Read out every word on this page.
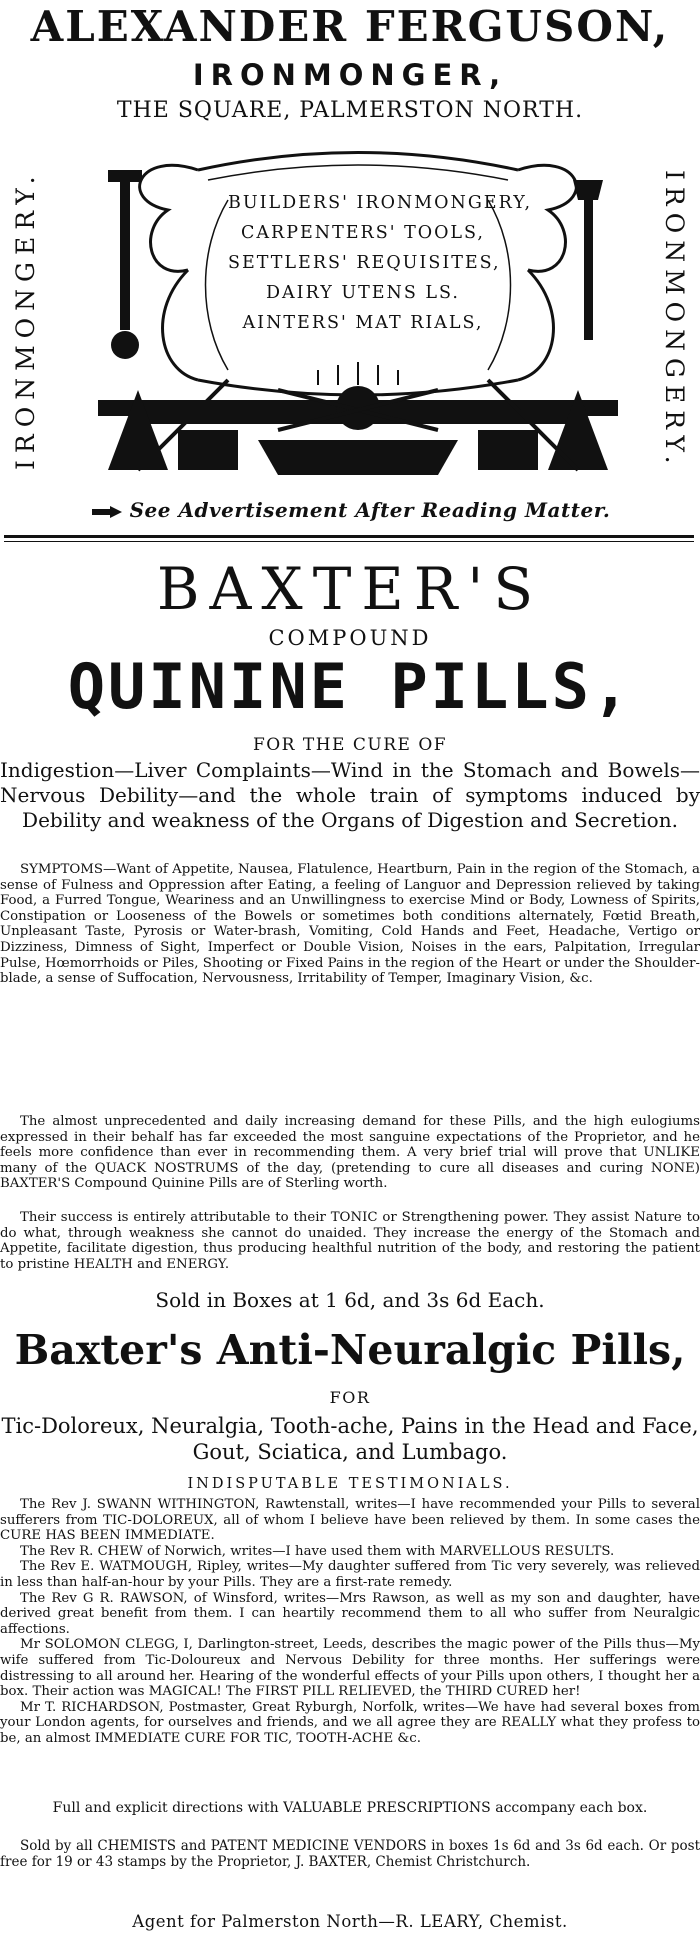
ALEXANDER FERGUSON,

IRONMONGER,

THE SQUARE, PALMERSTON NORTH.

IRONMONGERY.	IRONMONGERY.
BUILDERS' IRONMONGERY,
CARPENTERS' TOOLS,
SETTLERS' REQUISITES,
DAIRY UTENS LS.
AINTERS' MAT RIALS,

See Advertisement After Reading Matter.

BAXTER'S

COMPOUND

QUININE PILLS,

FOR THE CURE OF

Indigestion—Liver Complaints—Wind in the Stomach and Bowels—Nervous Debility—and the whole train of symptoms induced by Debility and weakness of the Organs of Digestion and Secretion.

SYMPTOMS—Want of Appetite, Nausea, Flatulence, Heartburn, Pain in the region of the Stomach, a sense of Fulness and Oppression after Eating, a feeling of Languor and Depression relieved by taking Food, a Furred Tongue, Weariness and an Unwillingness to exercise Mind or Body, Lowness of Spirits, Constipation or Looseness of the Bowels or sometimes both conditions alternately, Fœtid Breath, Unpleasant Taste, Pyrosis or Water-brash, Vomiting, Cold Hands and Feet, Headache, Vertigo or Dizziness, Dimness of Sight, Imperfect or Double Vision, Noises in the ears, Palpitation, Irregular Pulse, Hœmorrhoids or Piles, Shooting or Fixed Pains in the region of the Heart or under the Shoulder-blade, a sense of Suffocation, Nervousness, Irritability of Temper, Imaginary Vision, &c.

The almost unprecedented and daily increasing demand for these Pills, and the high eulogiums expressed in their behalf has far exceeded the most sanguine expectations of the Proprietor, and he feels more confidence than ever in recommending them. A very brief trial will prove that UNLIKE many of the QUACK NOSTRUMS of the day, (pretending to cure all diseases and curing NONE) BAXTER'S Compound Quinine Pills are of Sterling worth.

Their success is entirely attributable to their TONIC or Strengthening power. They assist Nature to do what, through weakness she cannot do unaided. They increase the energy of the Stomach and Appetite, facilitate digestion, thus producing healthful nutrition of the body, and restoring the patient to pristine HEALTH and ENERGY.

Sold in Boxes at 1 6d, and 3s 6d Each.

Baxter's Anti-Neuralgic Pills,

FOR

Tic-Doloreux, Neuralgia, Tooth-ache, Pains in the Head and Face, Gout, Sciatica, and Lumbago.

INDISPUTABLE TESTIMONIALS.

The Rev J. SWANN WITHINGTON, Rawtenstall, writes—I have recommended your Pills to several sufferers from TIC-DOLOREUX, all of whom I believe have been relieved by them. In some cases the CURE HAS BEEN IMMEDIATE.

The Rev R. CHEW of Norwich, writes—I have used them with MARVELLOUS RESULTS.

The Rev E. WATMOUGH, Ripley, writes—My daughter suffered from Tic very severely, was relieved in less than half-an-hour by your Pills. They are a first-rate remedy.

The Rev G R. RAWSON, of Winsford, writes—Mrs Rawson, as well as my son and daughter, have derived great benefit from them. I can heartily recommend them to all who suffer from Neuralgic affections.

Mr SOLOMON CLEGG, I, Darlington-street, Leeds, describes the magic power of the Pills thus—My wife suffered from Tic-Doloureux and Nervous Debility for three months. Her sufferings were distressing to all around her. Hearing of the wonderful effects of your Pills upon others, I thought her a box. Their action was MAGICAL! The FIRST PILL RELIEVED, the THIRD CURED her!

Mr T. RICHARDSON, Postmaster, Great Ryburgh, Norfolk, writes—We have had several boxes from your London agents, for ourselves and friends, and we all agree they are REALLY what they profess to be, an almost IMMEDIATE CURE FOR TIC, TOOTH-ACHE &c.

Full and explicit directions with VALUABLE PRESCRIPTIONS accompany each box.

Sold by all CHEMISTS and PATENT MEDICINE VENDORS in boxes 1s 6d and 3s 6d each. Or post free for 19 or 43 stamps by the Proprietor, J. BAXTER, Chemist Christchurch.

Agent for Palmerston North—R. LEARY, Chemist.
